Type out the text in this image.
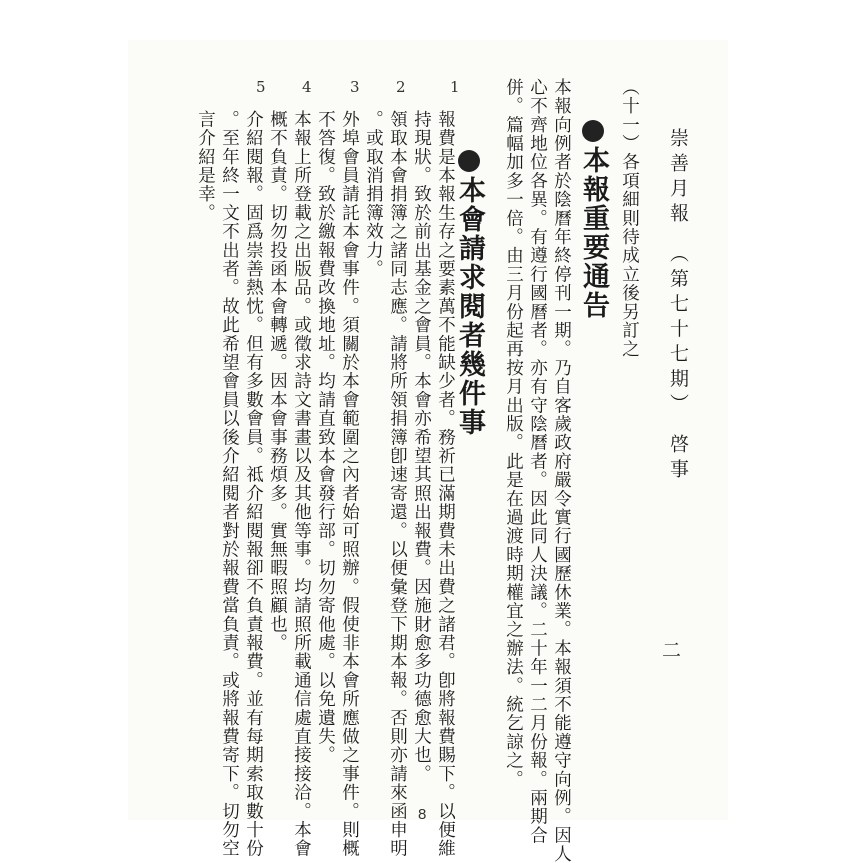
崇善月報　（第七十七期）　啓事
二
（十一）各項細則待成立後另訂之
本報重要通告
本報向例者於陰曆年終停刊一期。乃自客歲政府嚴令實行國歷休業。本報須不能遵守向例。因人
心不齊地位各異。有遵行國曆者。亦有守陰曆者。因此同人決議。二十年一二月份報。兩期合
併。篇幅加多一倍。由三月份起再按月出版。此是在過渡時期權宜之辦法。統乞諒之。
本會請求閱者幾件事
1
2
3
4
5
報費是本報生存之要素萬不能缺少者。務祈已滿期費未出費之諸君。卽將報費賜下。以便維
持現狀。致於前出基金之會員。本會亦希望其照出報費。因施財愈多功德愈大也。
領取本會捐簿之諸同志應。請將所領捐簿卽速寄還。以便彙登下期本報。否則亦請來函申明
。或取消捐簿效力。
外埠會員請託本會事件。須關於本會範圍之內者始可照辦。假使非本會所應做之事件。則概
不答復。致於繳報費改換地址。均請直致本會發行部。切勿寄他處。以免遺失。
本報上所登載之出版品。或徵求詩文書畫以及其他等事。均請照所載通信處直接接洽。本會
概不負責。切勿投函本會轉遞。因本會事務煩多。實無暇照顧也。
介紹閱報。固爲崇善熱忱。但有多數會員。祗介紹閱報卻不負責報費。並有每期索取數十份
。至年終一文不出者。故此希望會員以後介紹閱者對於報費當負責。或將報費寄下。切勿空
言介紹是幸。
8
